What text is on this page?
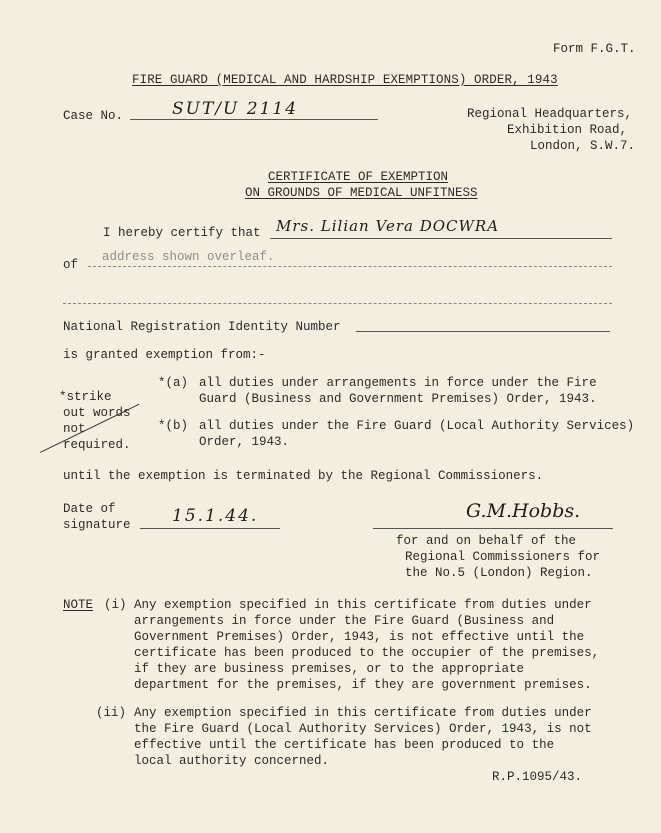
Form F.G.T.
FIRE GUARD (MEDICAL AND HARDSHIP EXEMPTIONS) ORDER, 1943
Case No.	SUT/U 2114	Regional Headquarters,
Exhibition Road,
London, S.W.7.
CERTIFICATE OF EXEMPTION
ON GROUNDS OF MEDICAL UNFITNESS
I hereby certify that Mrs. Lilian Vera DOCWRA
of
address shown overleaf.
National Registration Identity Number
is granted exemption from:-
*strike
out words
not
required.
*(a) all duties under arrangements in force under the Fire
Guard (Business and Government Premises) Order, 1943.
*(b) all duties under the Fire Guard (Local Authority Services)
Order, 1943.
until the exemption is terminated by the Regional Commissioners.
Date of
signature 15.1.44.	G.M.Hobbs.
for and on behalf of the
Regional Commissioners for
the No.5 (London) Region.
NOTE (i) Any exemption specified in this certificate from duties under
arrangements in force under the Fire Guard (Business and
Government Premises) Order, 1943, is not effective until the
certificate has been produced to the occupier of the premises,
if they are business premises, or to the appropriate
department for the premises, if they are government premises.
(ii) Any exemption specified in this certificate from duties under
the Fire Guard (Local Authority Services) Order, 1943, is not
effective until the certificate has been produced to the
local authority concerned.
R.P.1095/43.
